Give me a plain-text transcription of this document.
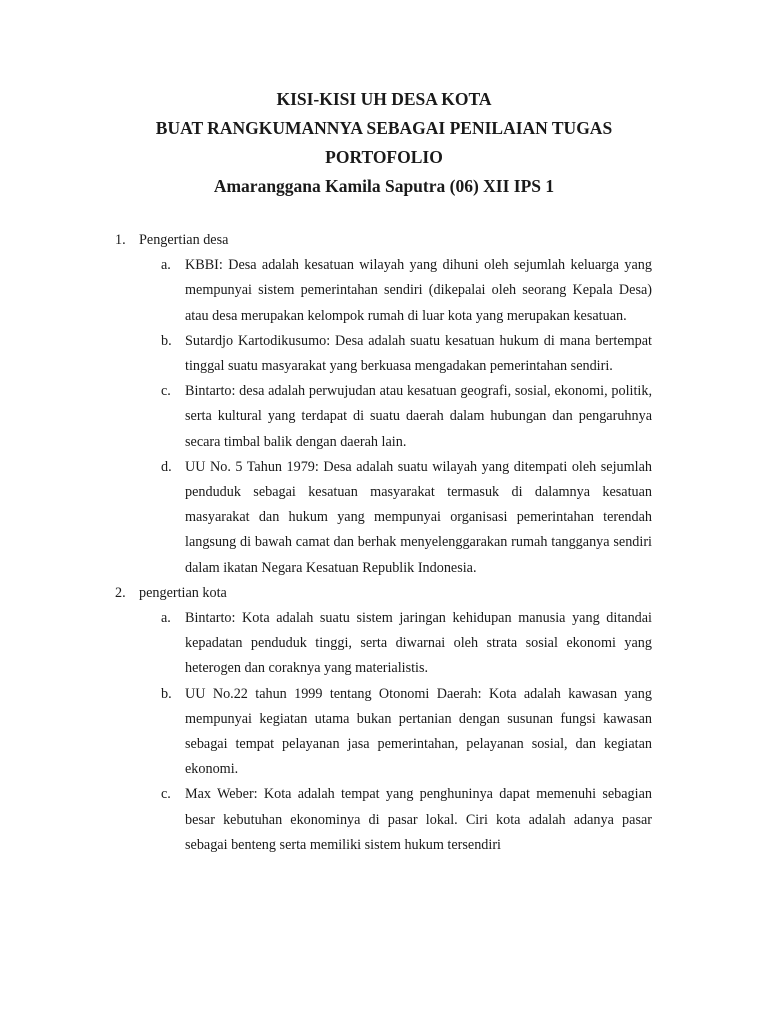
KISI-KISI UH DESA KOTA
BUAT RANGKUMANNYA SEBAGAI PENILAIAN TUGAS
PORTOFOLIO
Amaranggana Kamila Saputra (06) XII IPS 1
1. Pengertian desa
a. KBBI: Desa adalah kesatuan wilayah yang dihuni oleh sejumlah keluarga yang mempunyai sistem pemerintahan sendiri (dikepalai oleh seorang Kepala Desa) atau desa merupakan kelompok rumah di luar kota yang merupakan kesatuan.
b. Sutardjo Kartodikusumo: Desa adalah suatu kesatuan hukum di mana bertempat tinggal suatu masyarakat yang berkuasa mengadakan pemerintahan sendiri.
c. Bintarto: desa adalah perwujudan atau kesatuan geografi, sosial, ekonomi, politik, serta kultural yang terdapat di suatu daerah dalam hubungan dan pengaruhnya secara timbal balik dengan daerah lain.
d. UU No. 5 Tahun 1979: Desa adalah suatu wilayah yang ditempati oleh sejumlah penduduk sebagai kesatuan masyarakat termasuk di dalamnya kesatuan masyarakat dan hukum yang mempunyai organisasi pemerintahan terendah langsung di bawah camat dan berhak menyelenggarakan rumah tangganya sendiri dalam ikatan Negara Kesatuan Republik Indonesia.
2. pengertian kota
a. Bintarto: Kota adalah suatu sistem jaringan kehidupan manusia yang ditandai kepadatan penduduk tinggi, serta diwarnai oleh strata sosial ekonomi yang heterogen dan coraknya yang materialistis.
b. UU No.22 tahun 1999 tentang Otonomi Daerah: Kota adalah kawasan yang mempunyai kegiatan utama bukan pertanian dengan susunan fungsi kawasan sebagai tempat pelayanan jasa pemerintahan, pelayanan sosial, dan kegiatan ekonomi.
c. Max Weber: Kota adalah tempat yang penghuninya dapat memenuhi sebagian besar kebutuhan ekonominya di pasar lokal. Ciri kota adalah adanya pasar sebagai benteng serta memiliki sistem hukum tersendiri
